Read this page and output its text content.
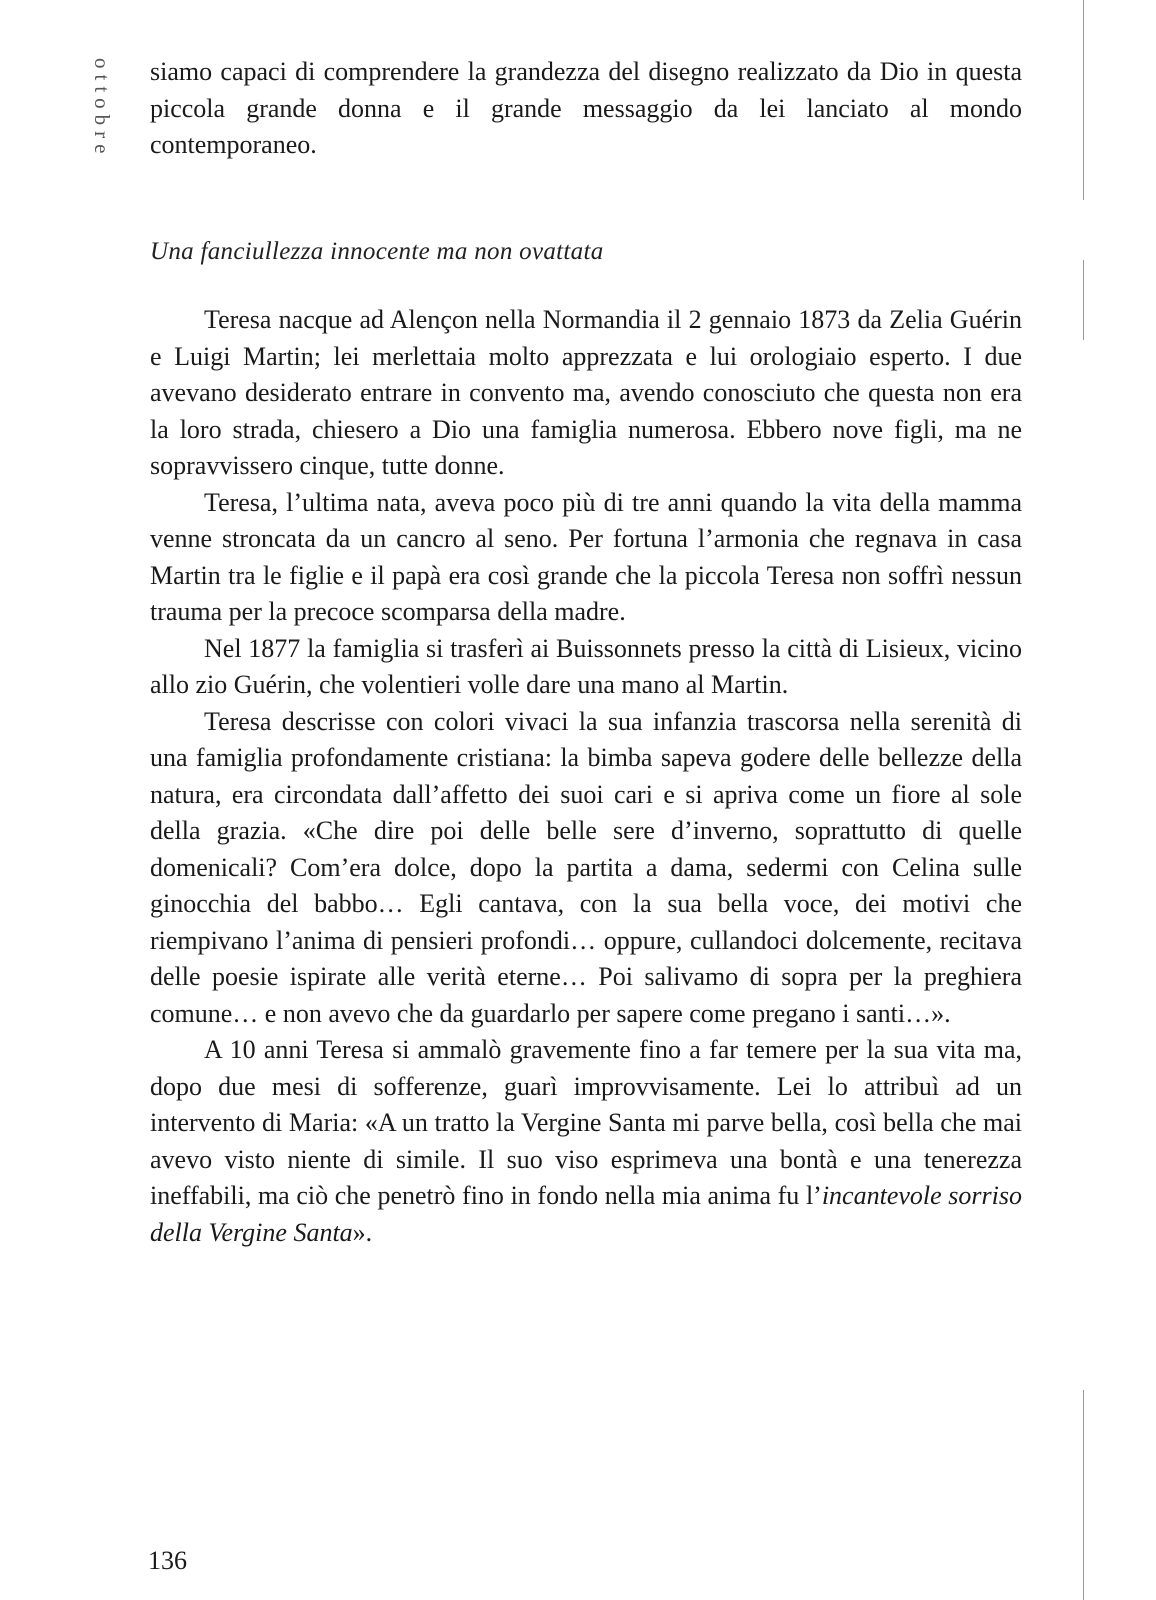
ottobre siamo capaci di comprendere la grandezza del disegno realizzato da Dio in questa piccola grande donna e il grande messaggio da lei lanciato al mondo contemporaneo.

Una fanciullezza innocente ma non ovattata

Teresa nacque ad Alençon nella Normandia il 2 gennaio 1873 da Zelia Guérin e Luigi Martin; lei merlettaia molto apprezzata e lui orologiaio esperto. I due avevano desiderato entrare in convento ma, avendo conosciuto che questa non era la loro strada, chiesero a Dio una famiglia numerosa. Ebbero nove figli, ma ne sopravvissero cinque, tutte donne.

Teresa, l’ultima nata, aveva poco più di tre anni quando la vita della mamma venne stroncata da un cancro al seno. Per fortuna l’armonia che regnava in casa Martin tra le figlie e il papà era così grande che la piccola Teresa non soffrì nessun trauma per la precoce scomparsa della madre.

Nel 1877 la famiglia si trasferì ai Buissonnets presso la città di Lisieux, vicino allo zio Guérin, che volentieri volle dare una mano al Martin.

Teresa descrisse con colori vivaci la sua infanzia trascorsa nella serenità di una famiglia profondamente cristiana: la bimba sapeva godere delle bellezze della natura, era circondata dall’affetto dei suoi cari e si apriva come un fiore al sole della grazia. «Che dire poi delle belle sere d’inverno, soprattutto di quelle domenicali? Com’era dolce, dopo la partita a dama, sedermi con Celina sulle ginocchia del babbo… Egli cantava, con la sua bella voce, dei motivi che riempivano l’anima di pensieri profondi… oppure, cullandoci dolcemente, recitava delle poesie ispirate alle verità eterne… Poi salivamo di sopra per la preghiera comune… e non avevo che da guardarlo per sapere come pregano i santi…».

A 10 anni Teresa si ammalò gravemente fino a far temere per la sua vita ma, dopo due mesi di sofferenze, guarì improvvisamente. Lei lo attribuì ad un intervento di Maria: «A un tratto la Vergine Santa mi parve bella, così bella che mai avevo visto niente di simile. Il suo viso esprimeva una bontà e una tenerezza ineffabili, ma ciò che penetrò fino in fondo nella mia anima fu l’incantevole sorriso della Vergine Santa».

136
